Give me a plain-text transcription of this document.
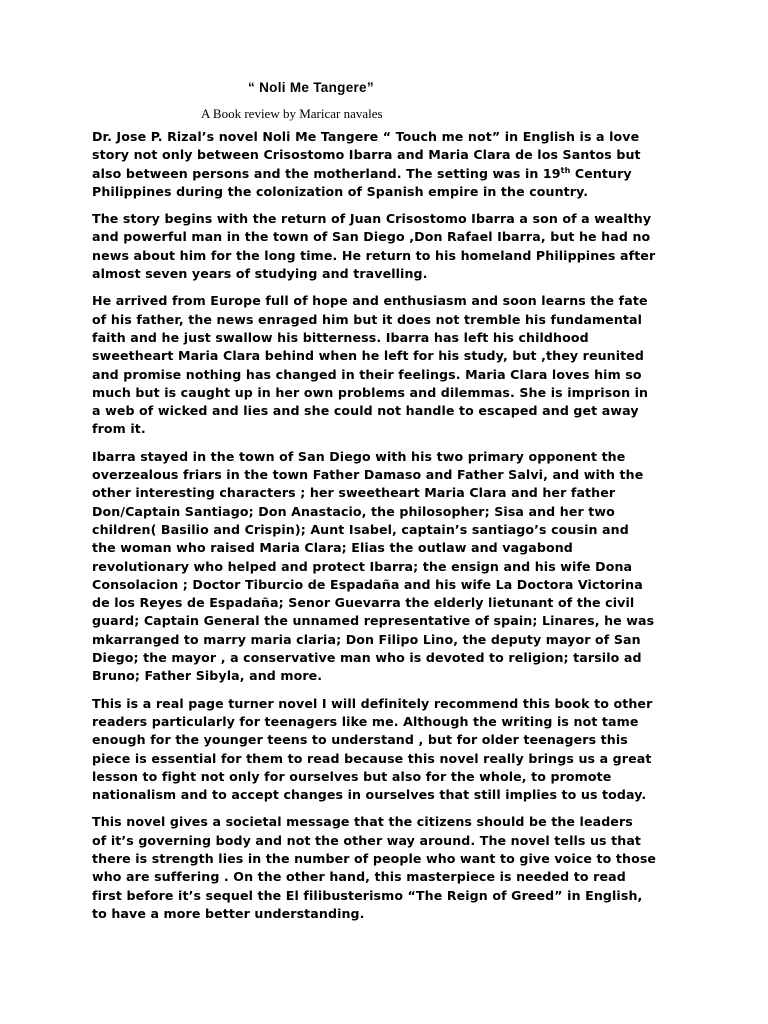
“ Noli Me Tangere”

A Book review by Maricar navales

Dr. Jose P. Rizal’s novel Noli Me Tangere “ Touch me not” in English is a love
story not only between Crisostomo Ibarra and Maria Clara de los Santos but
also between persons and the motherland. The setting was in 19th Century
Philippines during the colonization of Spanish empire in the country.

The story begins with the return of Juan Crisostomo Ibarra a son of a wealthy
and powerful man in the town of San Diego ,Don Rafael Ibarra, but he had no
news about him for the long time. He return to his homeland Philippines after
almost seven years of studying and travelling.

He arrived from Europe full of hope and enthusiasm and soon learns the fate
of his father, the news enraged him but it does not tremble his fundamental
faith and he just swallow his bitterness. Ibarra has left his childhood
sweetheart Maria Clara behind when he left for his study, but ,they reunited
and promise nothing has changed in their feelings. Maria Clara loves him so
much but is caught up in her own problems and dilemmas. She is imprison in
a web of wicked and lies and she could not handle to escaped and get away
from it.

Ibarra stayed in the town of San Diego with his two primary opponent the
overzealous friars in the town Father Damaso and Father Salvi, and with the
other interesting characters ; her sweetheart Maria Clara and her father
Don/Captain Santiago; Don Anastacio, the philosopher; Sisa and her two
children( Basilio and Crispin); Aunt Isabel, captain’s santiago’s cousin and
the woman who raised Maria Clara; Elias the outlaw and vagabond
revolutionary who helped and protect Ibarra; the ensign and his wife Dona
Consolacion ; Doctor Tiburcio de Espadaña and his wife La Doctora Victorina
de los Reyes de Espadaña; Senor Guevarra the elderly lietunant of the civil
guard; Captain General the unnamed representative of spain; Linares, he was
mkarranged to marry maria claria; Don Filipo Lino, the deputy mayor of San
Diego; the mayor , a conservative man who is devoted to religion; tarsilo ad
Bruno; Father Sibyla, and more.

This is a real page turner novel I will definitely recommend this book to other
readers particularly for teenagers like me. Although the writing is not tame
enough for the younger teens to understand , but for older teenagers this
piece is essential for them to read because this novel really brings us a great
lesson to fight not only for ourselves but also for the whole, to promote
nationalism and to accept changes in ourselves that still implies to us today.

This novel gives a societal message that the citizens should be the leaders
of it’s governing body and not the other way around. The novel tells us that
there is strength lies in the number of people who want to give voice to those
who are suffering . On the other hand, this masterpiece is needed to read
first before it’s sequel the El filibusterismo “The Reign of Greed” in English,
to have a more better understanding.
